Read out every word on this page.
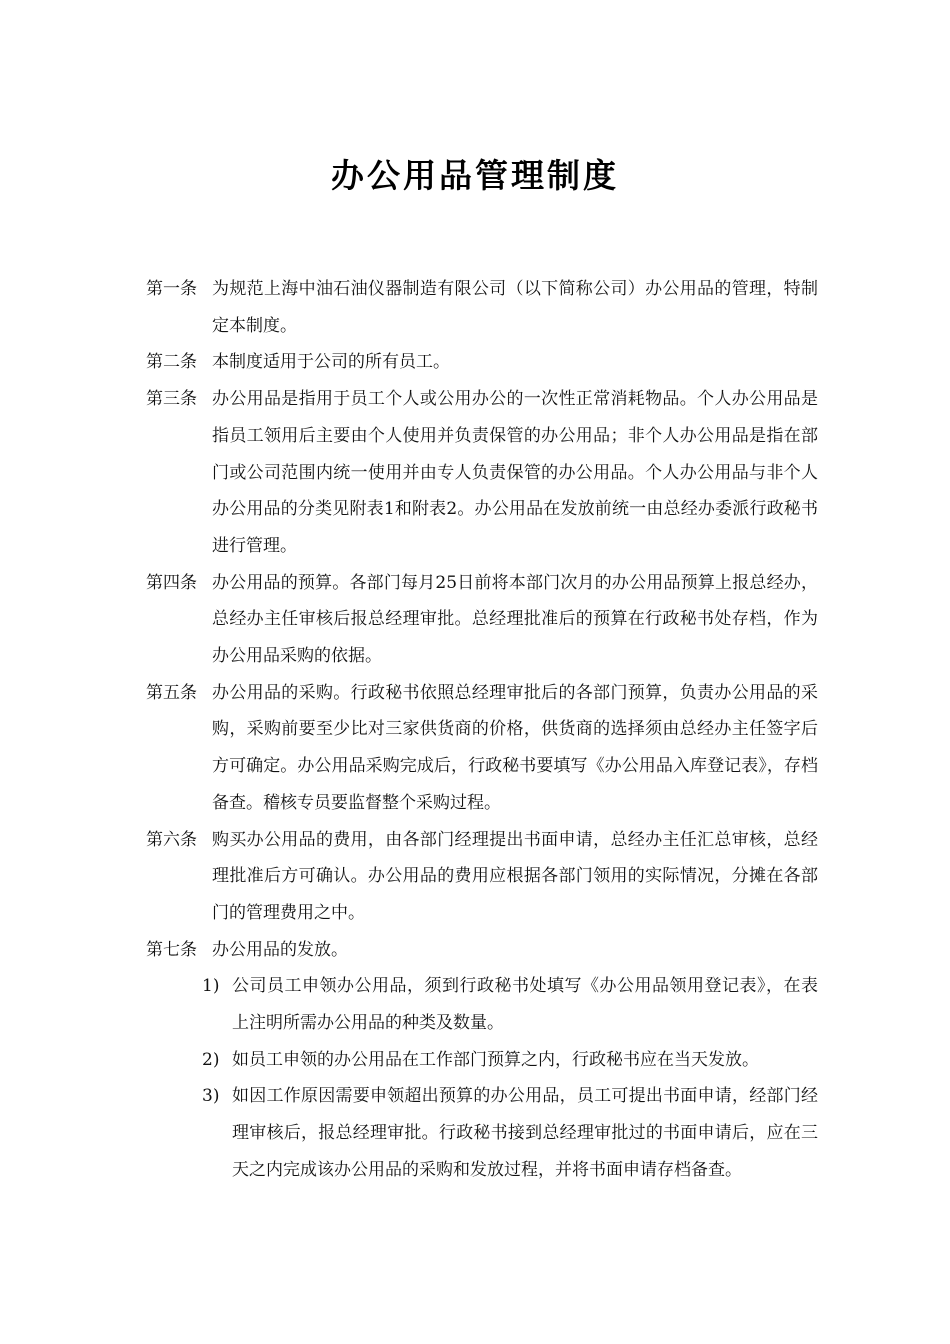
办公用品管理制度
第一条 为规范上海中油石油仪器制造有限公司（以下简称公司）办公用品的管理，特制定本制度。
第二条 本制度适用于公司的所有员工。
第三条 办公用品是指用于员工个人或公用办公的一次性正常消耗物品。个人办公用品是指员工领用后主要由个人使用并负责保管的办公用品；非个人办公用品是指在部门或公司范围内统一使用并由专人负责保管的办公用品。个人办公用品与非个人办公用品的分类见附表1和附表2。办公用品在发放前统一由总经办委派行政秘书进行管理。
第四条 办公用品的预算。各部门每月25日前将本部门次月的办公用品预算上报总经办，总经办主任审核后报总经理审批。总经理批准后的预算在行政秘书处存档，作为办公用品采购的依据。
第五条 办公用品的采购。行政秘书依照总经理审批后的各部门预算，负责办公用品的采购，采购前要至少比对三家供货商的价格，供货商的选择须由总经办主任签字后方可确定。办公用品采购完成后，行政秘书要填写《办公用品入库登记表》，存档备查。稽核专员要监督整个采购过程。
第六条 购买办公用品的费用，由各部门经理提出书面申请，总经办主任汇总审核，总经理批准后方可确认。办公用品的费用应根据各部门领用的实际情况，分摊在各部门的管理费用之中。
第七条 办公用品的发放。
1) 公司员工申领办公用品，须到行政秘书处填写《办公用品领用登记表》，在表上注明所需办公用品的种类及数量。
2) 如员工申领的办公用品在工作部门预算之内，行政秘书应在当天发放。
3) 如因工作原因需要申领超出预算的办公用品，员工可提出书面申请，经部门经理审核后，报总经理审批。行政秘书接到总经理审批过的书面申请后，应在三天之内完成该办公用品的采购和发放过程，并将书面申请存档备查。
